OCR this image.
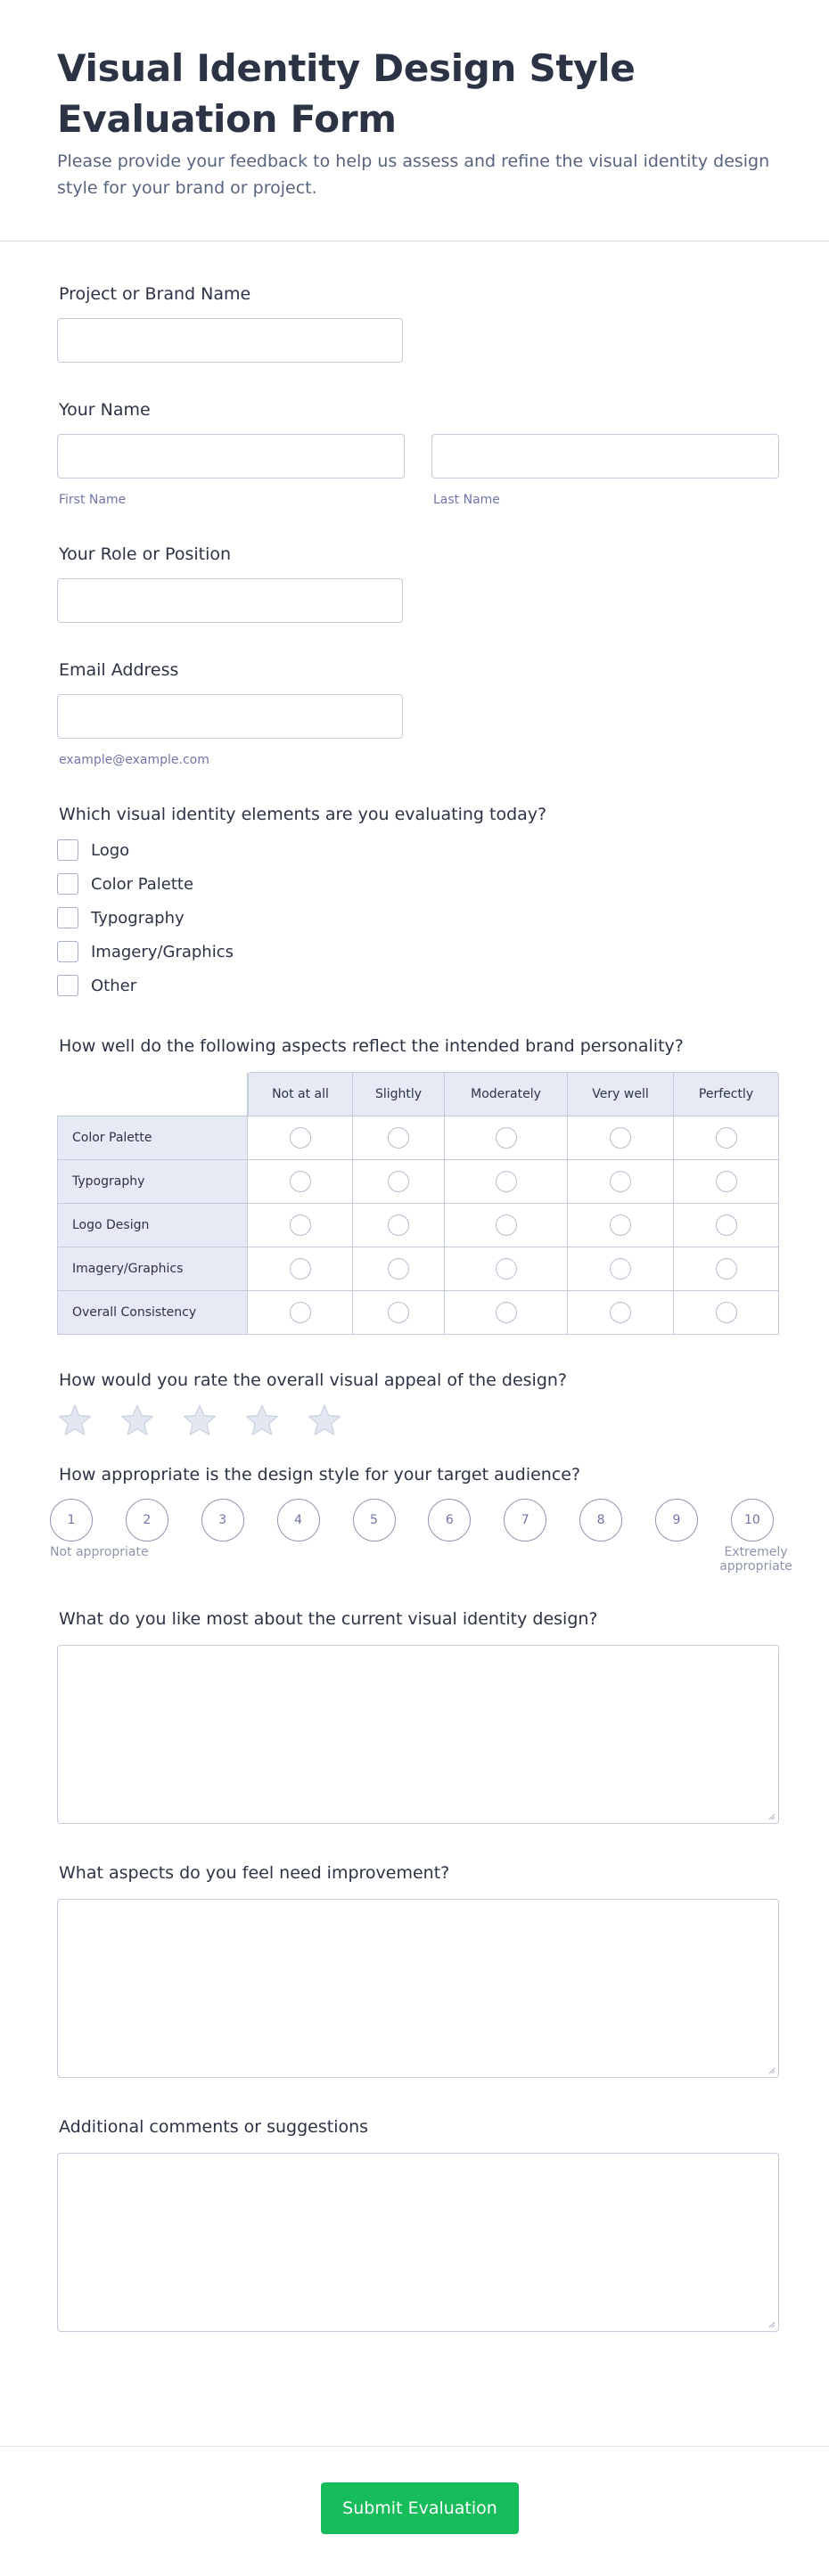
Visual Identity Design Style Evaluation Form

Please provide your feedback to help us assess and refine the visual identity design style for your brand or project.

Project or Brand Name
Your Name
First Name	Last Name
Your Role or Position
Email Address
example@example.com
Which visual identity elements are you evaluating today?
Logo
Color Palette
Typography
Imagery/Graphics
Other
How well do the following aspects reflect the intended brand personality?
	Not at all	Slightly	Moderately	Very well	Perfectly
Color Palette					
Typography					
Logo Design					
Imagery/Graphics					
Overall Consistency					
How would you rate the overall visual appeal of the design?
How appropriate is the design style for your target audience?
1	2	3	4	5	6	7	8	9	10
Not appropriate	Extremely
appropriate
What do you like most about the current visual identity design?
What aspects do you feel need improvement?
Additional comments or suggestions
Submit Evaluation
